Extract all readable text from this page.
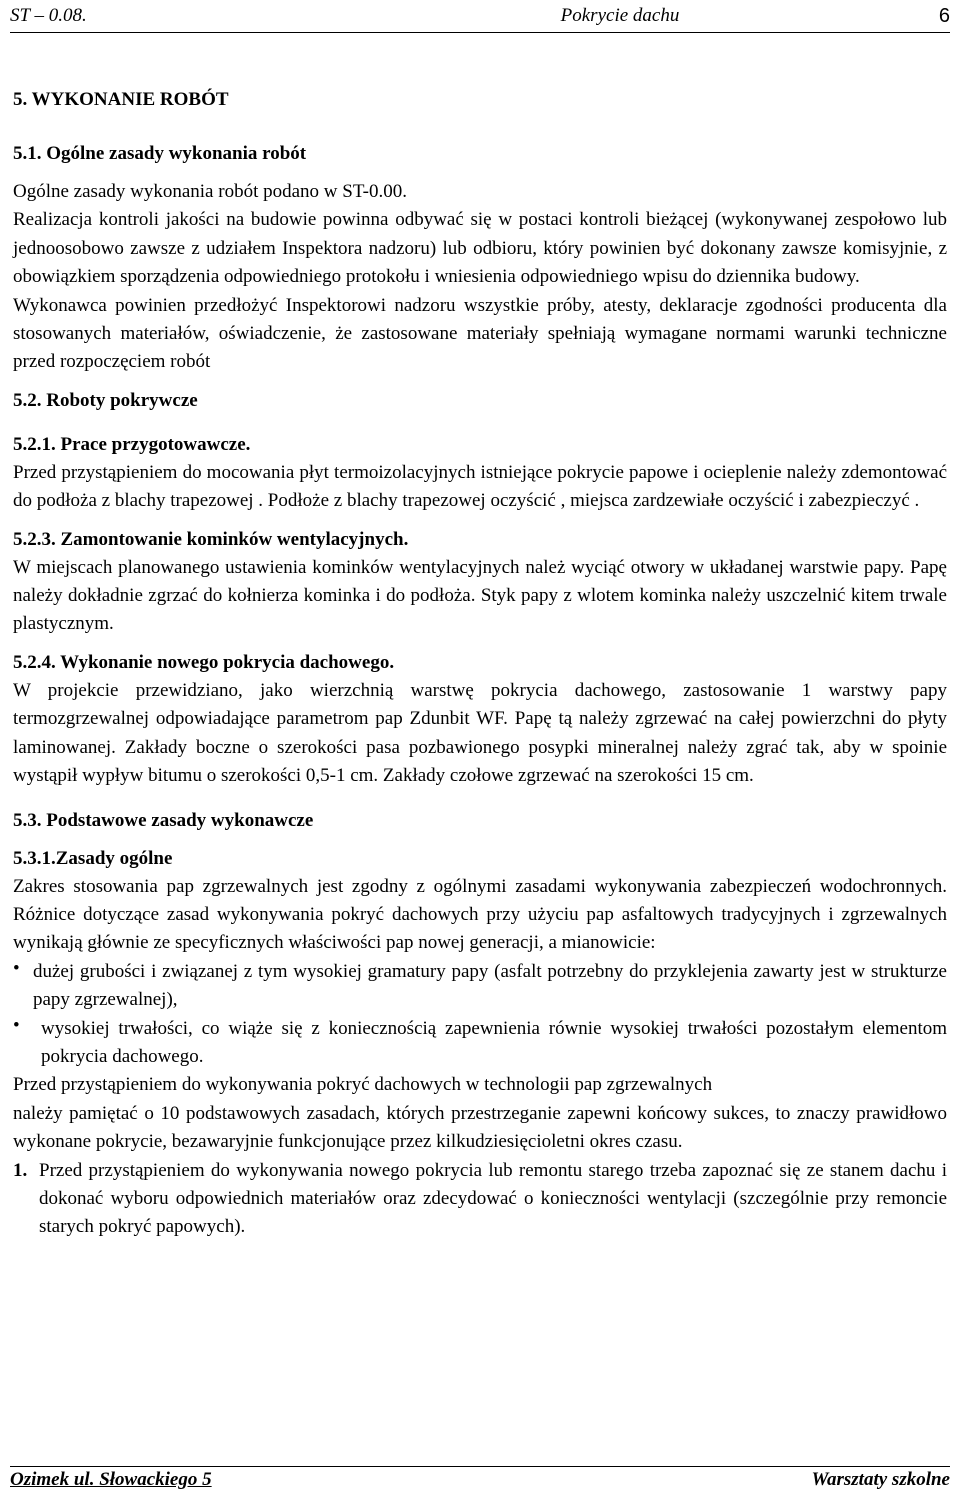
ST – 0.08.	Pokrycie dachu	6
5. WYKONANIE ROBÓT
5.1. Ogólne zasady wykonania robót

Ogólne zasady wykonania robót podano w ST-0.00.

Realizacja kontroli jakości na budowie powinna odbywać się w postaci kontroli bieżącej (wykonywanej zespołowo lub jednoosobowo zawsze z udziałem Inspektora nadzoru) lub odbioru, który powinien być dokonany zawsze komisyjnie, z obowiązkiem sporządzenia odpowiedniego protokołu i wniesienia odpowiedniego wpisu do dziennika budowy.

Wykonawca powinien przedłożyć Inspektorowi nadzoru wszystkie próby, atesty, deklaracje zgodności producenta dla stosowanych materiałów, oświadczenie, że zastosowane materiały spełniają wymagane normami warunki techniczne przed rozpoczęciem robót

5.2. Roboty pokrywcze
5.2.1. Prace przygotowawcze.

Przed przystąpieniem do mocowania płyt termoizolacyjnych istniejące pokrycie papowe i ocieplenie należy zdemontować do podłoża z blachy trapezowej . Podłoże z blachy trapezowej oczyścić , miejsca zardzewiałe oczyścić i zabezpieczyć .

5.2.3. Zamontowanie kominków wentylacyjnych.

W miejscach planowanego ustawienia kominków wentylacyjnych należ wyciąć otwory w układanej warstwie papy. Papę należy dokładnie zgrzać do kołnierza kominka i do podłoża. Styk papy z wlotem kominka należy uszczelnić kitem trwale plastycznym.

5.2.4. Wykonanie nowego pokrycia dachowego.

W projekcie przewidziano, jako wierzchnią warstwę pokrycia dachowego, zastosowanie 1 warstwy papy termozgrzewalnej odpowiadające parametrom pap Zdunbit WF. Papę tą należy zgrzewać na całej powierzchni do płyty laminowanej. Zakłady boczne o szerokości pasa pozbawionego posypki mineralnej należy zgrać tak, aby w spoinie wystąpił wypływ bitumu o szerokości 0,5-1 cm. Zakłady czołowe zgrzewać na szerokości 15 cm.

5.3. Podstawowe zasady wykonawcze
5.3.1.Zasady ogólne

Zakres stosowania pap zgrzewalnych jest zgodny z ogólnymi zasadami wykonywania zabezpieczeń wodochronnych. Różnice dotyczące zasad wykonywania pokryć dachowych przy użyciu pap asfaltowych tradycyjnych i zgrzewalnych wynikają głównie ze specyficznych właściwości pap nowej generacji, a mianowicie:

• dużej grubości i związanej z tym wysokiej gramatury papy (asfalt potrzebny do przyklejenia zawarty jest w strukturze papy zgrzewalnej),
•	wysokiej trwałości, co wiąże się z koniecznością zapewnienia równie wysokiej trwałości pozostałym elementom pokrycia dachowego.

Przed przystąpieniem do wykonywania pokryć dachowych w technologii pap zgrzewalnych

należy pamiętać o 10 podstawowych zasadach, których przestrzeganie zapewni końcowy sukces, to znaczy prawidłowo wykonane pokrycie, bezawaryjnie funkcjonujące przez kilkudziesięcioletni okres czasu.

1. Przed przystąpieniem do wykonywania nowego pokrycia lub remontu starego trzeba zapoznać się ze stanem dachu i dokonać wyboru odpowiednich materiałów oraz zdecydować o konieczności wentylacji (szczególnie przy remoncie starych pokryć papowych).
Ozimek ul. Słowackiego 5	Warsztaty szkolne
